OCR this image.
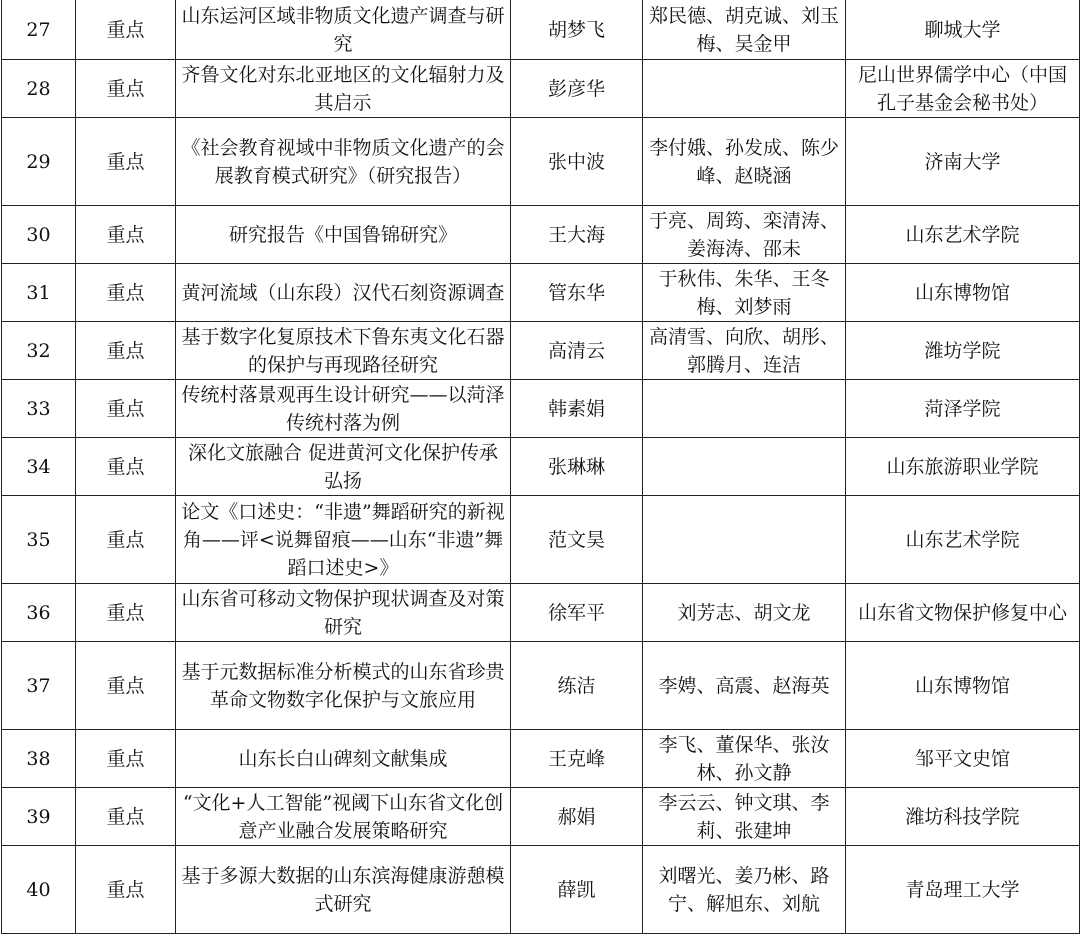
27	重点	山东运河区域非物质文化遗产调查与研究	胡梦飞	郑民德、胡克诚、刘玉梅、吴金甲	聊城大学
28	重点	齐鲁文化对东北亚地区的文化辐射力及其启示	彭彦华		尼山世界儒学中心（中国孔子基金会秘书处）
29	重点	《社会教育视域中非物质文化遗产的会展教育模式研究》（研究报告）	张中波	李付娥、孙发成、陈少峰、赵晓涵	济南大学
30	重点	研究报告《中国鲁锦研究》	王大海	于亮、周筠、栾清涛、姜海涛、邵未	山东艺术学院
31	重点	黄河流域（山东段）汉代石刻资源调查	管东华	于秋伟、朱华、王冬梅、刘梦雨	山东博物馆
32	重点	基于数字化复原技术下鲁东夷文化石器的保护与再现路径研究	高清云	高清雪、向欣、胡彤、郭腾月、连洁	潍坊学院
33	重点	传统村落景观再生设计研究——以菏泽传统村落为例	韩素娟		菏泽学院
34	重点	深化文旅融合 促进黄河文化保护传承弘扬	张琳琳		山东旅游职业学院
35	重点	论文《口述史：“非遗”舞蹈研究的新视角——评<说舞留痕——山东“非遗”舞蹈口述史>》	范文昊		山东艺术学院
36	重点	山东省可移动文物保护现状调查及对策研究	徐军平	刘芳志、胡文龙	山东省文物保护修复中心
37	重点	基于元数据标准分析模式的山东省珍贵革命文物数字化保护与文旅应用	练洁	李娉、高震、赵海英	山东博物馆
38	重点	山东长白山碑刻文献集成	王克峰	李飞、董保华、张汝林、孙文静	邹平文史馆
39	重点	“文化+人工智能”视阈下山东省文化创意产业融合发展策略研究	郝娟	李云云、钟文琪、李莉、张建坤	潍坊科技学院
40	重点	基于多源大数据的山东滨海健康游憩模式研究	薛凯	刘曙光、姜乃彬、路宁、解旭东、刘航	青岛理工大学
